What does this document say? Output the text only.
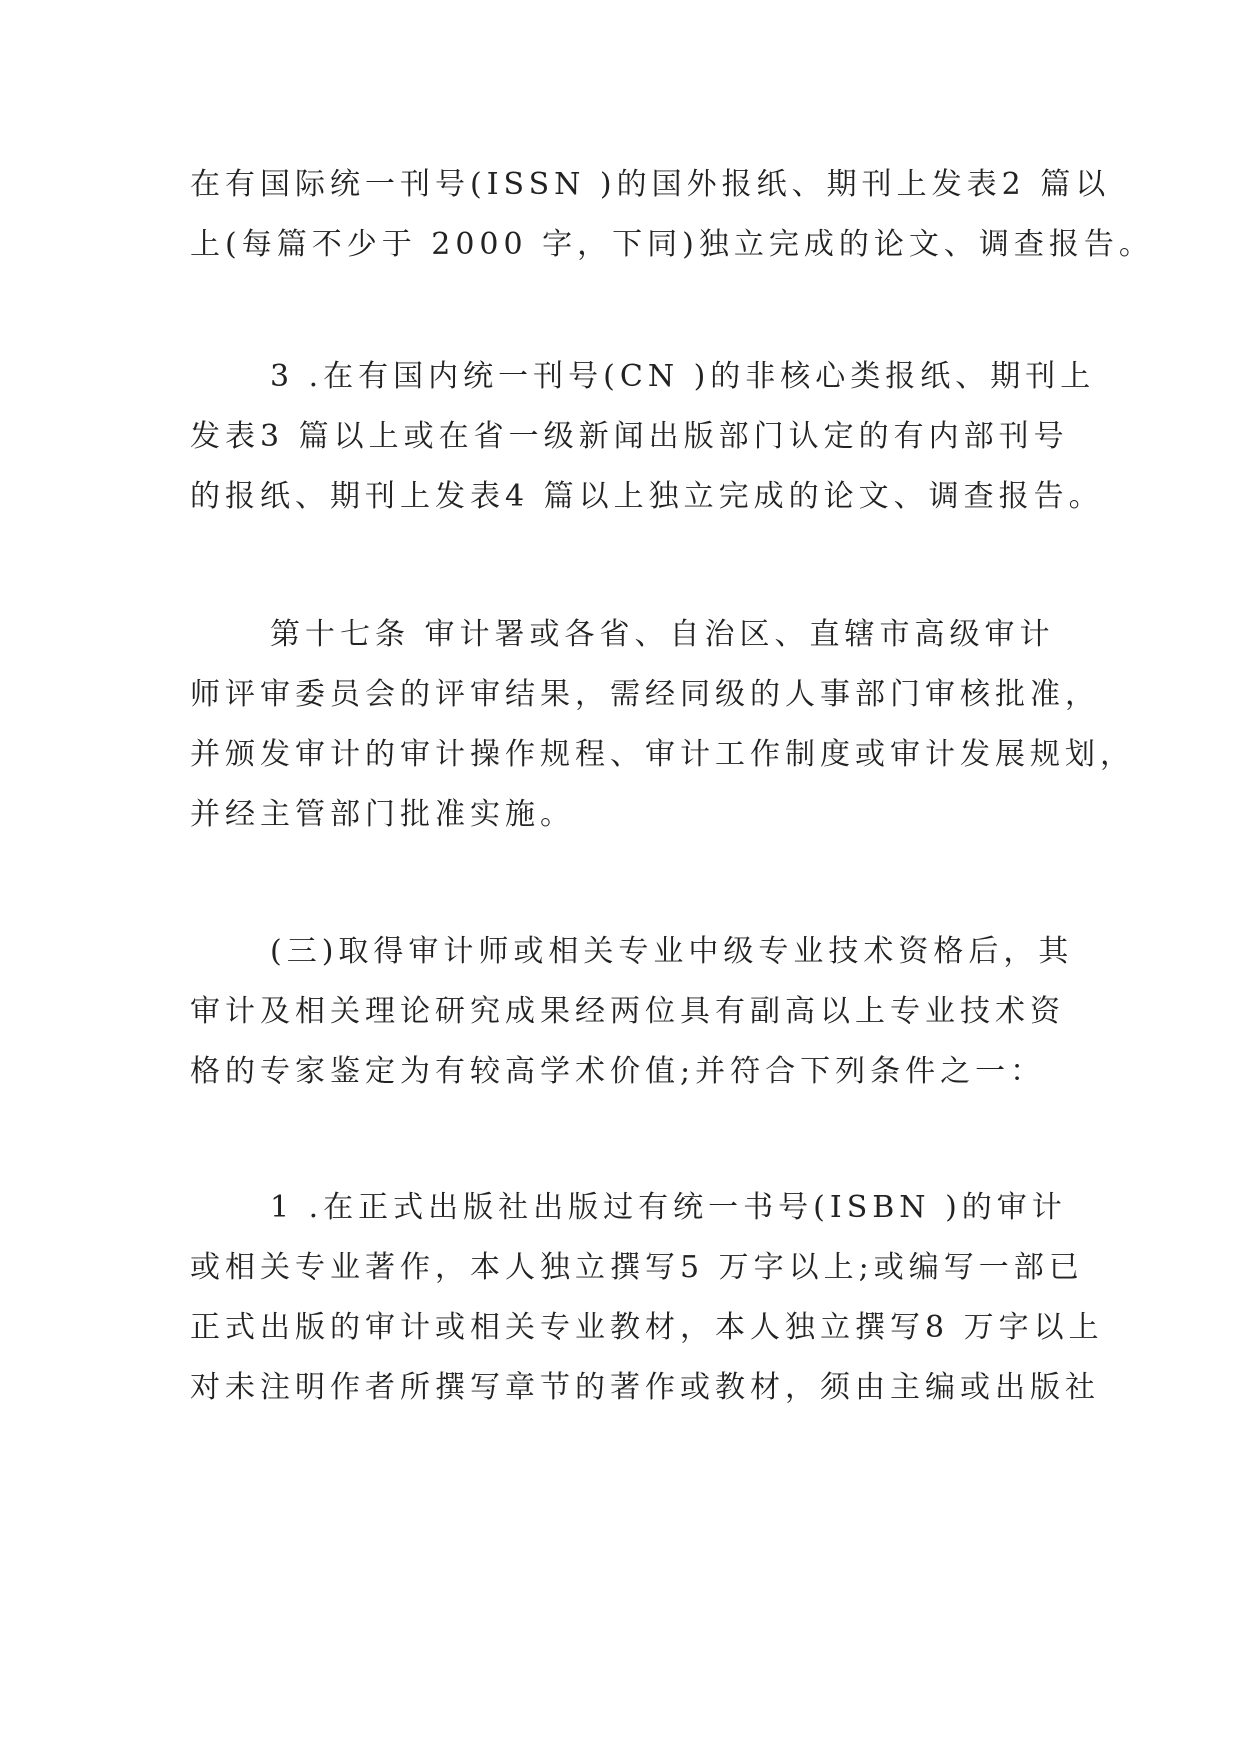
在有国际统一刊号(ISSN )的国外报纸、期刊上发表2 篇以
上(每篇不少于 2000 字，下同)独立完成的论文、调查报告。
3 .在有国内统一刊号(CN )的非核心类报纸、期刊上
发表3 篇以上或在省一级新闻出版部门认定的有内部刊号
的报纸、期刊上发表4 篇以上独立完成的论文、调查报告。
第十七条 审计署或各省、自治区、直辖市高级审计
师评审委员会的评审结果，需经同级的人事部门审核批准，
并颁发审计的审计操作规程、审计工作制度或审计发展规划，
并经主管部门批准实施。
(三)取得审计师或相关专业中级专业技术资格后，其
审计及相关理论研究成果经两位具有副高以上专业技术资
格的专家鉴定为有较高学术价值;并符合下列条件之一：
1 .在正式出版社出版过有统一书号(ISBN )的审计
或相关专业著作，本人独立撰写5 万字以上;或编写一部已
正式出版的审计或相关专业教材，本人独立撰写8 万字以上
对未注明作者所撰写章节的著作或教材，须由主编或出版社
